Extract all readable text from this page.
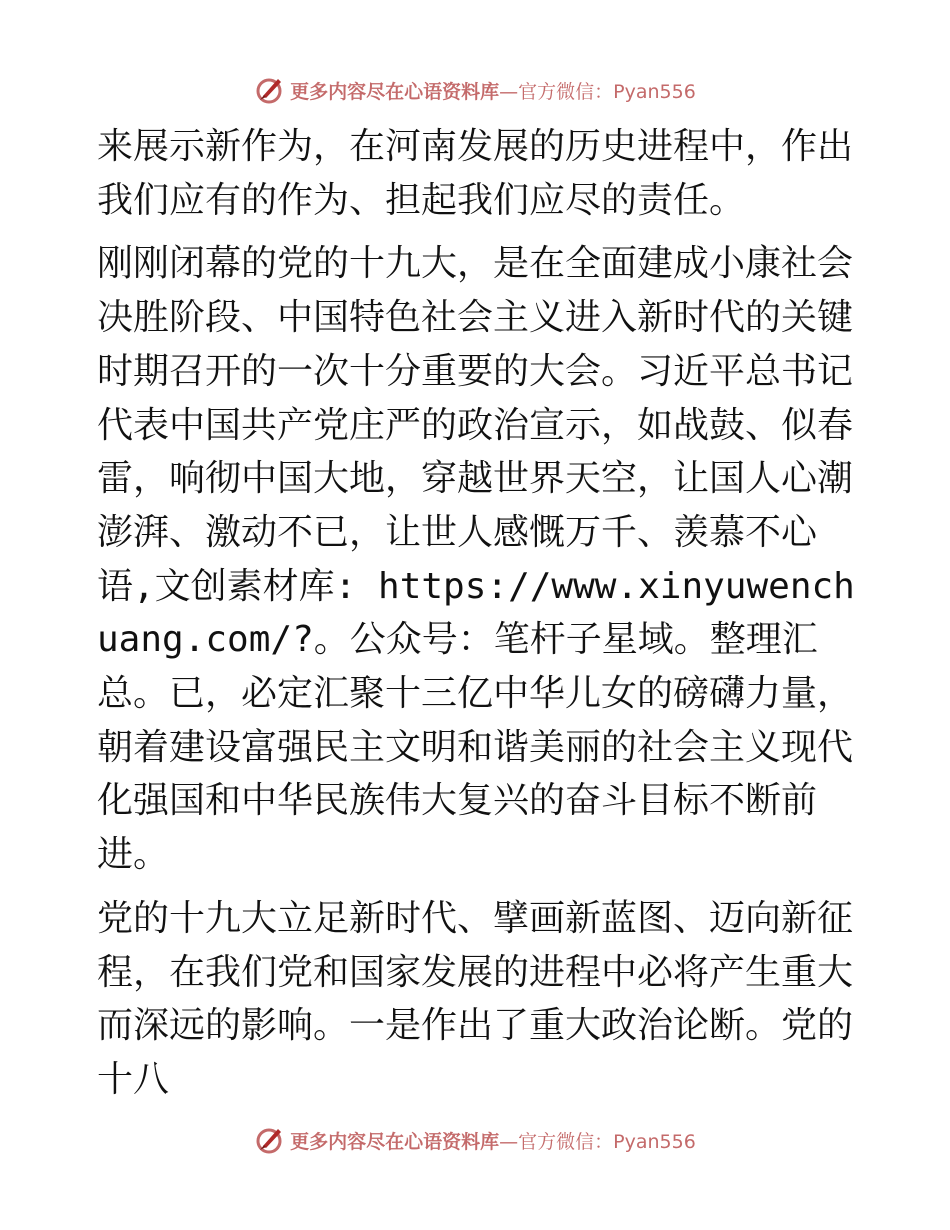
更多内容尽在心语资料库 —官方微信：Pyan556

来展示新作为，在河南发展的历史进程中，作出我们应有的作为、担起我们应尽的责任。

刚刚闭幕的党的十九大，是在全面建成小康社会决胜阶段、中国特色社会主义进入新时代的关键时期召开的一次十分重要的大会。习近平总书记代表中国共产党庄严的政治宣示，如战鼓、似春雷，响彻中国大地，穿越世界天空，让国人心潮澎湃、激动不已，让世人感慨万千、羡慕不心语,文创素材库: https://www.xinyuwenchuang.com/?。公众号：笔杆子星域。整理汇总。已，必定汇聚十三亿中华儿女的磅礴力量，朝着建设富强民主文明和谐美丽的社会主义现代化强国和中华民族伟大复兴的奋斗目标不断前进。

党的十九大立足新时代、擘画新蓝图、迈向新征程，在我们党和国家发展的进程中必将产生重大而深远的影响。一是作出了重大政治论断。党的十八

更多内容尽在心语资料库 —官方微信：Pyan556
